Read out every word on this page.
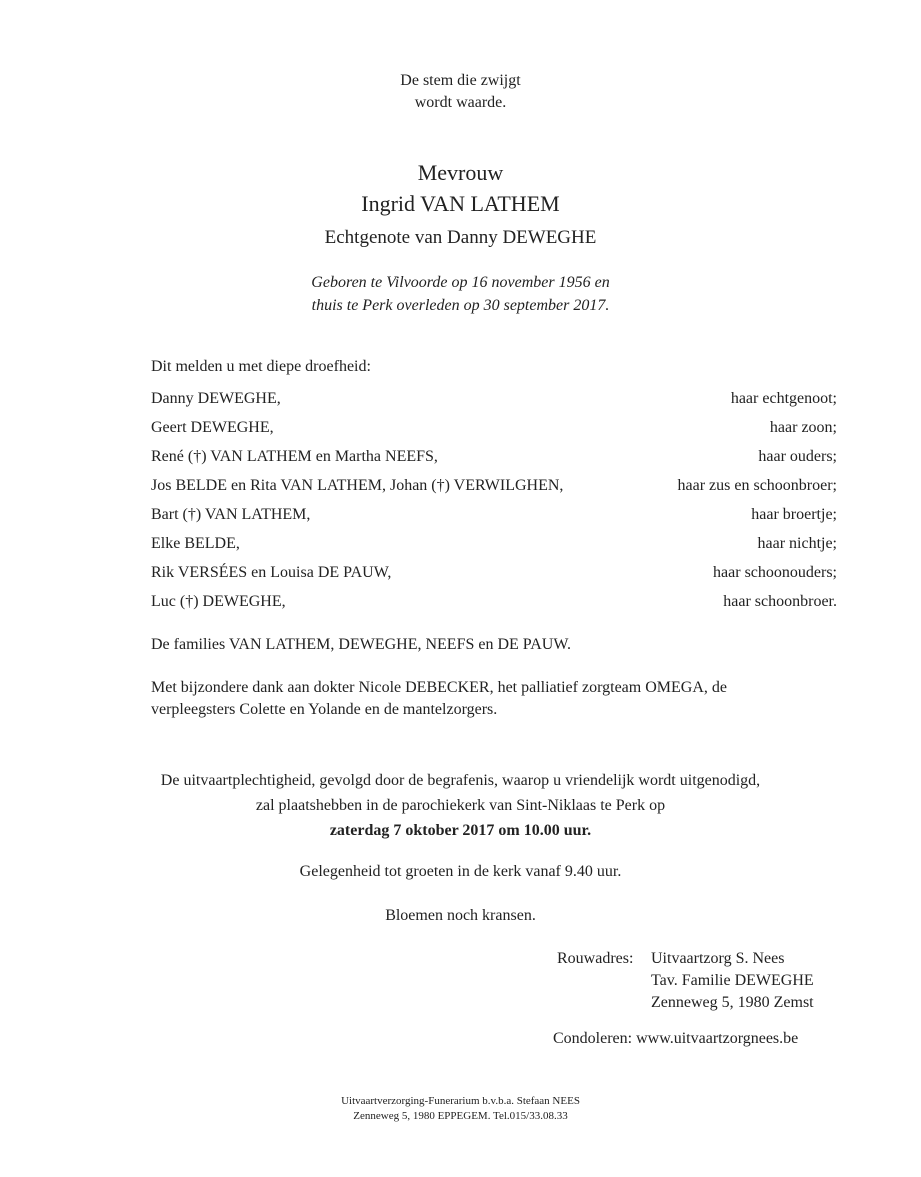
De stem die zwijgt
wordt waarde.
Mevrouw
Ingrid VAN LATHEM
Echtgenote van Danny DEWEGHE
Geboren te Vilvoorde op 16 november 1956 en
thuis te Perk overleden op 30 september 2017.
Dit melden u met diepe droefheid:
Danny DEWEGHE,	haar echtgenoot;
Geert DEWEGHE,	haar zoon;
René (†) VAN LATHEM en Martha NEEFS,	haar ouders;
Jos BELDE en Rita VAN LATHEM, Johan (†) VERWILGHEN,	haar zus en schoonbroer;
Bart (†) VAN LATHEM,	haar broertje;
Elke BELDE,	haar nichtje;
Rik VERSÉES en Louisa DE PAUW,	haar schoonouders;
Luc (†) DEWEGHE,	haar schoonbroer.
De families VAN LATHEM, DEWEGHE, NEEFS en DE PAUW.
Met bijzondere dank aan dokter Nicole DEBECKER, het palliatief zorgteam OMEGA, de
verpleegsters Colette en Yolande en de mantelzorgers.
De uitvaartplechtigheid, gevolgd door de begrafenis, waarop u vriendelijk wordt uitgenodigd,
zal plaatshebben in de parochiekerk van Sint-Niklaas te Perk op
zaterdag 7 oktober 2017 om 10.00 uur.
Gelegenheid tot groeten in de kerk vanaf 9.40 uur.
Bloemen noch kransen.
Rouwadres: Uitvaartzorg S. Nees
Tav. Familie DEWEGHE
Zenneweg 5, 1980 Zemst
Condoleren: www.uitvaartzorgnees.be
Uitvaartverzorging-Funerarium b.v.b.a. Stefaan NEES
Zenneweg 5, 1980 EPPEGEM. Tel.015/33.08.33
